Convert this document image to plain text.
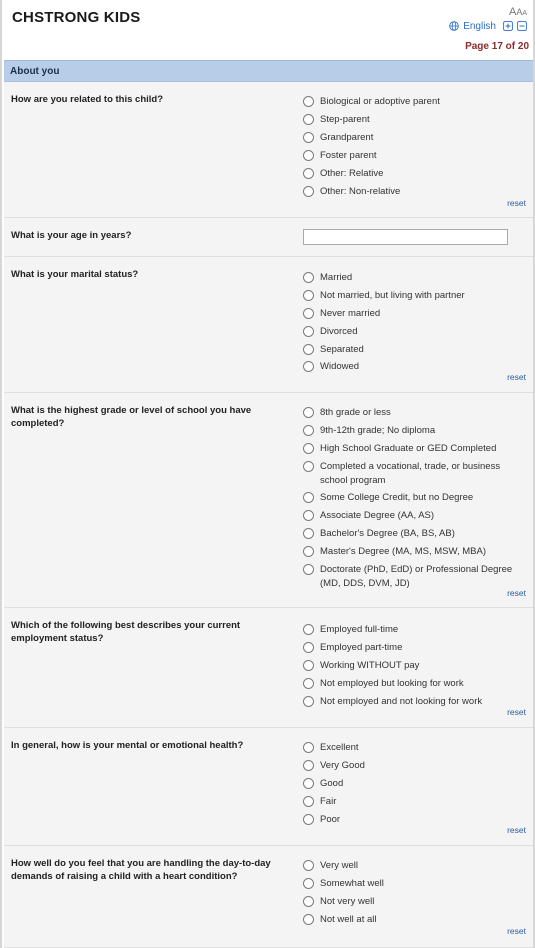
CHSTRONG KIDS	AAA
English
Page 17 of 20
About you
How are you related to this child?	Biological or adoptive parent
Step-parent
Grandparent
Foster parent
Other: Relative
Other: Non-relative
reset
What is your age in years?
What is your marital status?	Married
Not married, but living with partner
Never married
Divorced
Separated
Widowed
reset
What is the highest grade or level of school you have completed?
8th grade or less
9th-12th grade; No diploma
High School Graduate or GED Completed
Completed a vocational, trade, or business school program
Some College Credit, but no Degree
Associate Degree (AA, AS)
Bachelor's Degree (BA, BS, AB)
Master's Degree (MA, MS, MSW, MBA)
Doctorate (PhD, EdD) or Professional Degree (MD, DDS, DVM, JD)
reset
Which of the following best describes your current employment status?
Employed full-time
Employed part-time
Working WITHOUT pay
Not employed but looking for work
Not employed and not looking for work
reset
In general, how is your mental or emotional health?	Excellent
Very Good
Good
Fair
Poor
reset
How well do you feel that you are handling the day-to-day demands of raising a child with a heart condition?
Very well
Somewhat well
Not very well
Not well at all
reset
